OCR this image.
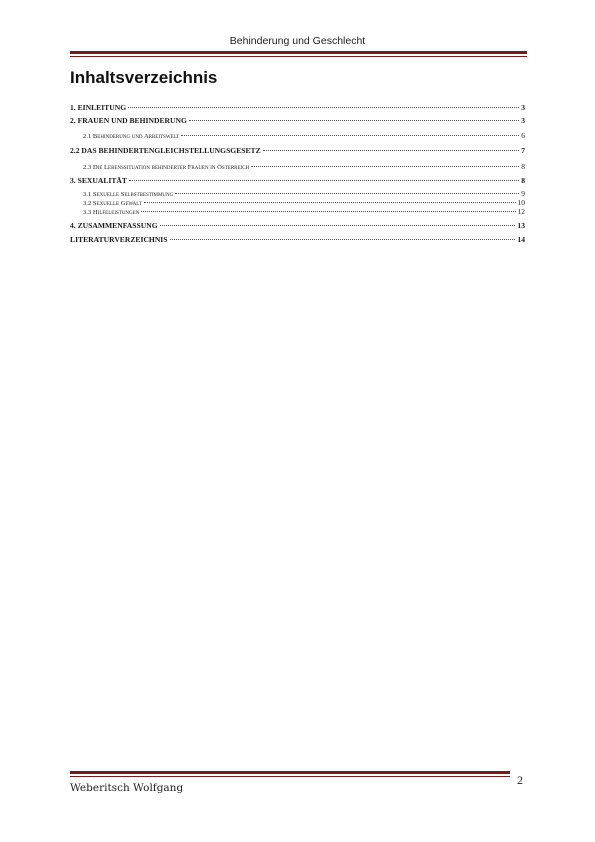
Behinderung und Geschlecht
Inhaltsverzeichnis
1. EINLEITUNG	3
2. FRAUEN UND BEHINDERUNG	3
2.1 Behinderung und Arbeitswelt	6
2.2 DAS BEHINDERTENGLEICHSTELLUNGSGESETZ	7
2.3 Die Lebenssituation behinderter Frauen in Österreich	8
3. SEXUALITÄT	8
3.1 Sexuelle Selbstbestimmung	9
3.2 Sexuelle Gewalt	10
3.3 Hilfeleistungen	12
4. ZUSAMMENFASSUNG	13
LITERATURVERZEICHNIS	14
Weberitsch Wolfgang
2
